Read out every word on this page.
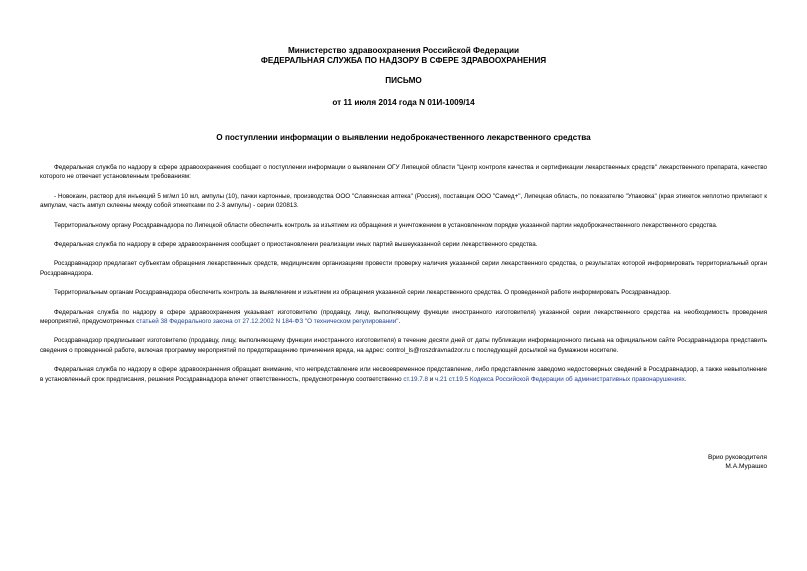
Министерство здравоохранения Российской Федерации
ФЕДЕРАЛЬНАЯ СЛУЖБА ПО НАДЗОРУ В СФЕРЕ ЗДРАВООХРАНЕНИЯ
ПИСЬМО
от 11 июля 2014 года N 01И-1009/14
О поступлении информации о выявлении недоброкачественного лекарственного средства

Федеральная служба по надзору в сфере здравоохранения сообщает о поступлении информации о выявлении ОГУ Липецкой области "Центр контроля качества и сертификации лекарственных средств" лекарственного препарата, качество которого не отвечает установленным требованиям:

- Новокаин, раствор для инъекций 5 мг/мл 10 мл, ампулы (10), пачки картонные, производства ООО "Славянская аптека" (Россия), поставщик ООО "Самед+", Липецкая область, по показателю "Упаковка" (края этикеток неплотно прилегают к ампулам, часть ампул склеены между собой этикетками по 2-3 ампулы) - серии 020813.

Территориальному органу Росздравнадзора по Липецкой области обеспечить контроль за изъятием из обращения и уничтожением в установленном порядке указанной партии недоброкачественного лекарственного средства.

Федеральная служба по надзору в сфере здравоохранения сообщает о приостановлении реализации иных партий вышеуказанной серии лекарственного средства.

Росздравнадзор предлагает субъектам обращения лекарственных средств, медицинским организациям провести проверку наличия указанной серии лекарственного средства, о результатах которой информировать территориальный орган Росздравнадзора.

Территориальным органам Росздравнадзора обеспечить контроль за выявлением и изъятием из обращения указанной серии лекарственного средства. О проведенной работе информировать Росздравнадзор.

Федеральная служба по надзору в сфере здравоохранения указывает изготовителю (продавцу, лицу, выполняющему функции иностранного изготовителя) указанной серии лекарственного средства на необходимость проведения мероприятий, предусмотренных статьей 38 Федерального закона от 27.12.2002 N 184-ФЗ "О техническом регулировании".

Росздравнадзор предписывает изготовителю (продавцу, лицу, выполняющему функции иностранного изготовителя) в течение десяти дней от даты публикации информационного письма на официальном сайте Росздравнадзора представить сведения о проведенной работе, включая программу мероприятий по предотвращению причинения вреда, на адрес: control_ls@roszdravnadzor.ru с последующей досылкой на бумажном носителе.

Федеральная служба по надзору в сфере здравоохранения обращает внимание, что непредставление или несвоевременное представление, либо представление заведомо недостоверных сведений в Росздравнадзор, а также невыполнение в установленный срок предписания, решения Росздравнадзора влечет ответственность, предусмотренную соответственно ст.19.7.8 и ч.21 ст.19.5 Кодекса Российской Федерации об административных правонарушениях.

Врио руководителя
М.А.Мурашко
